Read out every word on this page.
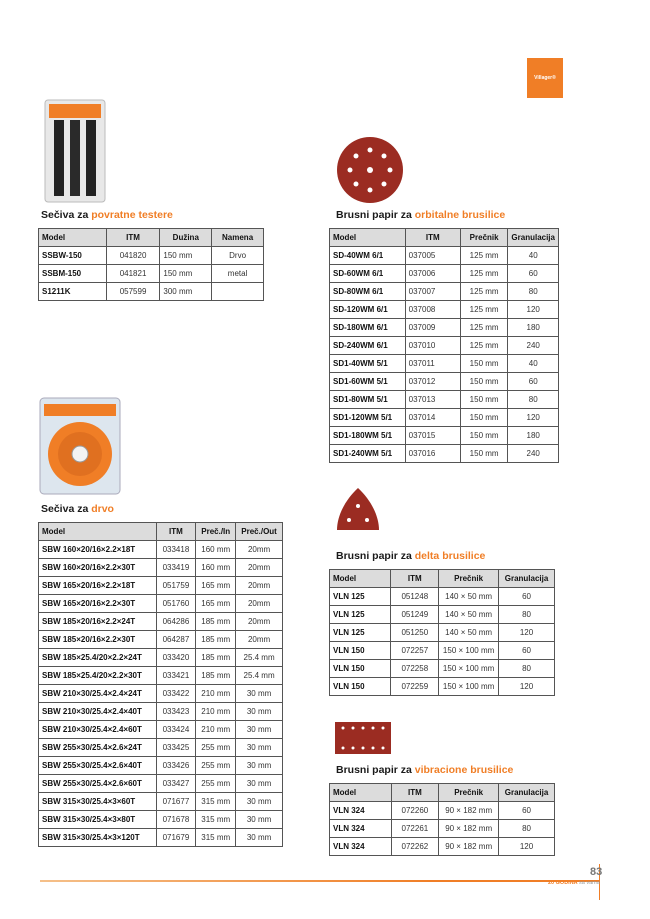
Villager®
Sečiva za povratne testere
Model	ITM	Dužina	Namena
SSBW-150	041820	150 mm	Drvo
SSBM-150	041821	150 mm	metal
S1211K	057599	300 mm	
Sečiva za drvo
Model	ITM	Preč./In	Preč./Out
SBW 160×20/16×2.2×18T	033418	160 mm	20mm
SBW 160×20/16×2.2×30T	033419	160 mm	20mm
SBW 165×20/16×2.2×18T	051759	165 mm	20mm
SBW 165×20/16×2.2×30T	051760	165 mm	20mm
SBW 185×20/16×2.2×24T	064286	185 mm	20mm
SBW 185×20/16×2.2×30T	064287	185 mm	20mm
SBW 185×25.4/20×2.2×24T	033420	185 mm	25.4 mm
SBW 185×25.4/20×2.2×30T	033421	185 mm	25.4 mm
SBW 210×30/25.4×2.4×24T	033422	210 mm	30 mm
SBW 210×30/25.4×2.4×40T	033423	210 mm	30 mm
SBW 210×30/25.4×2.4×60T	033424	210 mm	30 mm
SBW 255×30/25.4×2.6×24T	033425	255 mm	30 mm
SBW 255×30/25.4×2.6×40T	033426	255 mm	30 mm
SBW 255×30/25.4×2.6×60T	033427	255 mm	30 mm
SBW 315×30/25.4×3×60T	071677	315 mm	30 mm
SBW 315×30/25.4×3×80T	071678	315 mm	30 mm
SBW 315×30/25.4×3×120T	071679	315 mm	30 mm
Brusni papir za orbitalne brusilice
Model	ITM	Prečnik	Granulacija
SD-40WM 6/1	037005	125 mm	40
SD-60WM 6/1	037006	125 mm	60
SD-80WM 6/1	037007	125 mm	80
SD-120WM 6/1	037008	125 mm	120
SD-180WM 6/1	037009	125 mm	180
SD-240WM 6/1	037010	125 mm	240
SD1-40WM 5/1	037011	150 mm	40
SD1-60WM 5/1	037012	150 mm	60
SD1-80WM 5/1	037013	150 mm	80
SD1-120WM 5/1	037014	150 mm	120
SD1-180WM 5/1	037015	150 mm	180
SD1-240WM 5/1	037016	150 mm	240
Brusni papir za delta brusilice
Model	ITM	Prečnik	Granulacija
VLN 125	051248	140 × 50 mm	60
VLN 125	051249	140 × 50 mm	80
VLN 125	051250	140 × 50 mm	120
VLN 150	072257	150 × 100 mm	60
VLN 150	072258	150 × 100 mm	80
VLN 150	072259	150 × 100 mm	120
Brusni papir za vibracione brusilice
Model	ITM	Prečnik	Granulacija
VLN 324	072260	90 × 182 mm	60
VLN 324	072261	90 × 182 mm	80
VLN 324	072262	90 × 182 mm	120
83
20 GODINA sa vama
